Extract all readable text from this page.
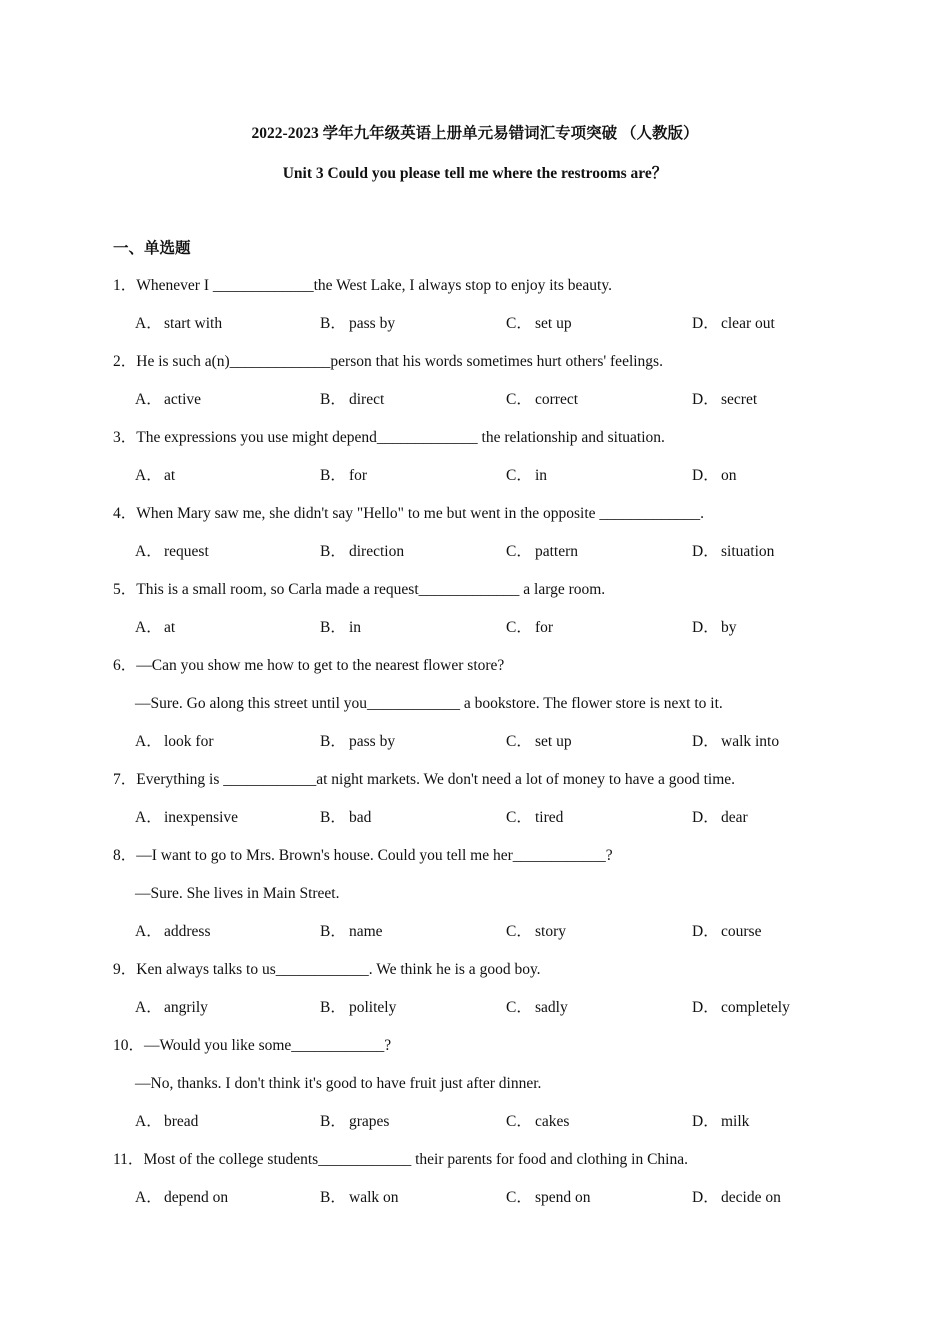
2022-2023 学年九年级英语上册单元易错词汇专项突破 （人教版）
Unit 3 Could you please tell me where the restrooms are？
一、单选题
1．Whenever I _____________the West Lake, I always stop to enjoy its beauty.
A． start with	B． pass by	C． set up	D． clear out
2．He is such a(n)_____________person that his words sometimes hurt others' feelings.
A． active	B． direct	C． correct	D． secret
3．The expressions you use might depend_____________ the relationship and situation.
A． at	B． for	C． in	D． on
4．When Mary saw me, she didn't say "Hello" to me but went in the opposite _____________.
A． request	B． direction	C． pattern	D． situation
5．This is a small room, so Carla made a request_____________ a large room.
A． at	B． in	C． for	D． by
6．—Can you show me how to get to the nearest flower store?
—Sure. Go along this street until you____________ a bookstore. The flower store is next to it.
A． look for	B． pass by	C． set up	D． walk into
7．Everything is ____________at night markets. We don't need a lot of money to have a good time.
A． inexpensive	B． bad	C． tired	D． dear
8．—I want to go to Mrs. Brown's house. Could you tell me her____________?
—Sure. She lives in Main Street.
A． address	B． name	C． story	D． course
9．Ken always talks to us____________. We think he is a good boy.
A． angrily	B． politely	C． sadly	D． completely
10．—Would you like some____________?
—No, thanks. I don't think it's good to have fruit just after dinner.
A． bread	B． grapes	C． cakes	D． milk
11．Most of the college students____________ their parents for food and clothing in China.
A． depend on	B． walk on	C． spend on	D． decide on
